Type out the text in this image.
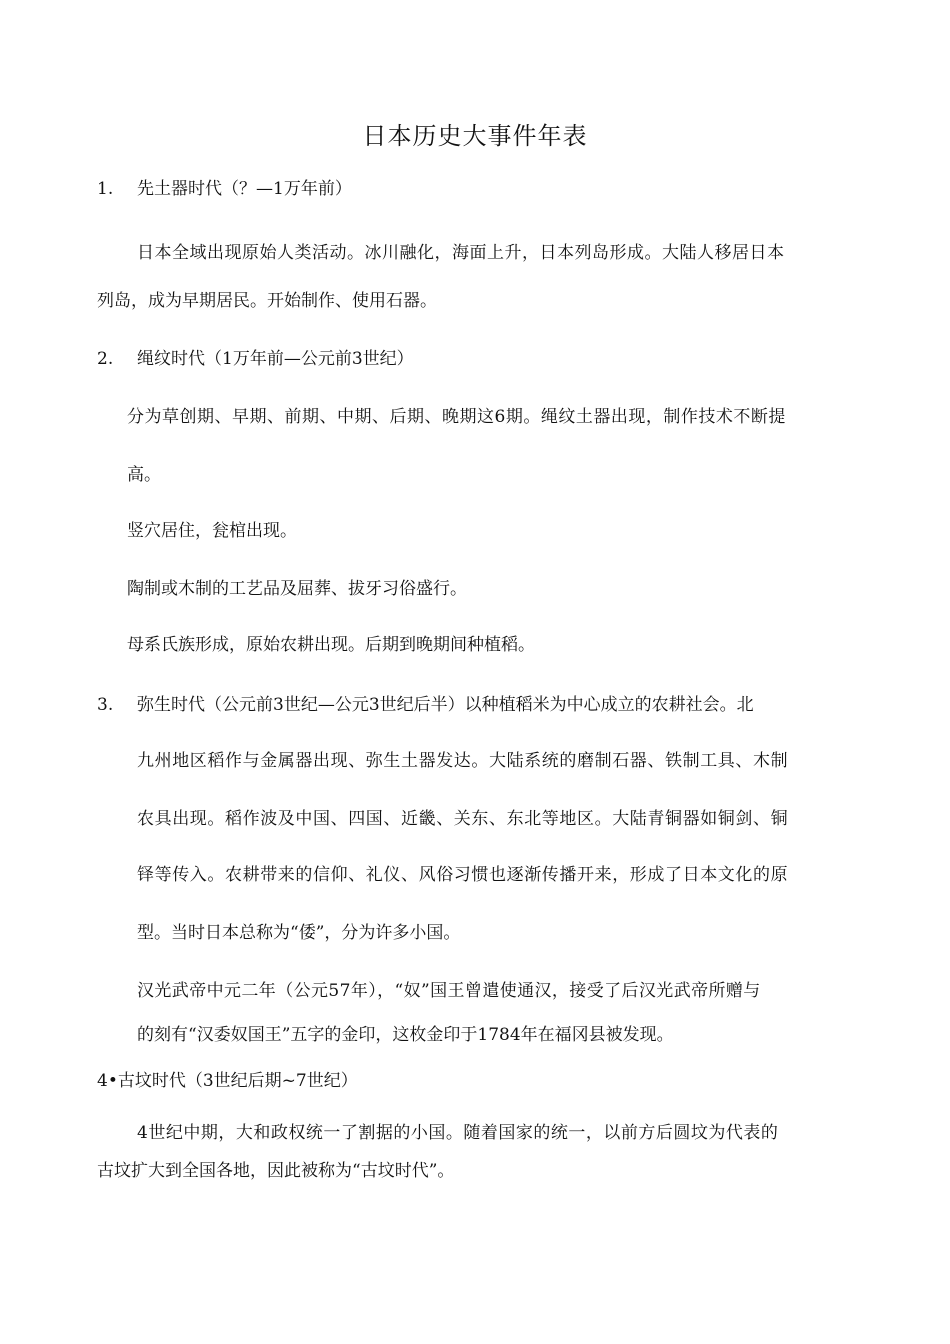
日本历史大事件年表
1. 先土器时代（？—1万年前）
日本全域出现原始人类活动。冰川融化，海面上升，日本列岛形成。大陆人移居日本
列岛，成为早期居民。开始制作、使用石器。
2. 绳纹时代（1万年前—公元前3世纪）
分为草创期、早期、前期、中期、后期、晚期这6期。绳纹土器出现，制作技术不断提
高。
竖穴居住，瓮棺出现。
陶制或木制的工艺品及屈葬、拔牙习俗盛行。
母系氏族形成，原始农耕出现。后期到晚期间种植稻。
3. 弥生时代（公元前3世纪—公元3世纪后半）以种植稻米为中心成立的农耕社会。北
九州地区稻作与金属器出现、弥生土器发达。大陆系统的磨制石器、铁制工具、木制
农具出现。稻作波及中国、四国、近畿、关东、东北等地区。大陆青铜器如铜剑、铜
铎等传入。农耕带来的信仰、礼仪、风俗习惯也逐渐传播开来，形成了日本文化的原
型。当时日本总称为“倭”，分为许多小国。
汉光武帝中元二年（公元57年），“奴”国王曾遣使通汉，接受了后汉光武帝所赠与
的刻有“汉委奴国王”五字的金印，这枚金印于1784年在福冈县被发现。
4•古坟时代（3世纪后期~7世纪）
4世纪中期，大和政权统一了割据的小国。随着国家的统一，以前方后圆坟为代表的
古坟扩大到全国各地，因此被称为“古坟时代”。
